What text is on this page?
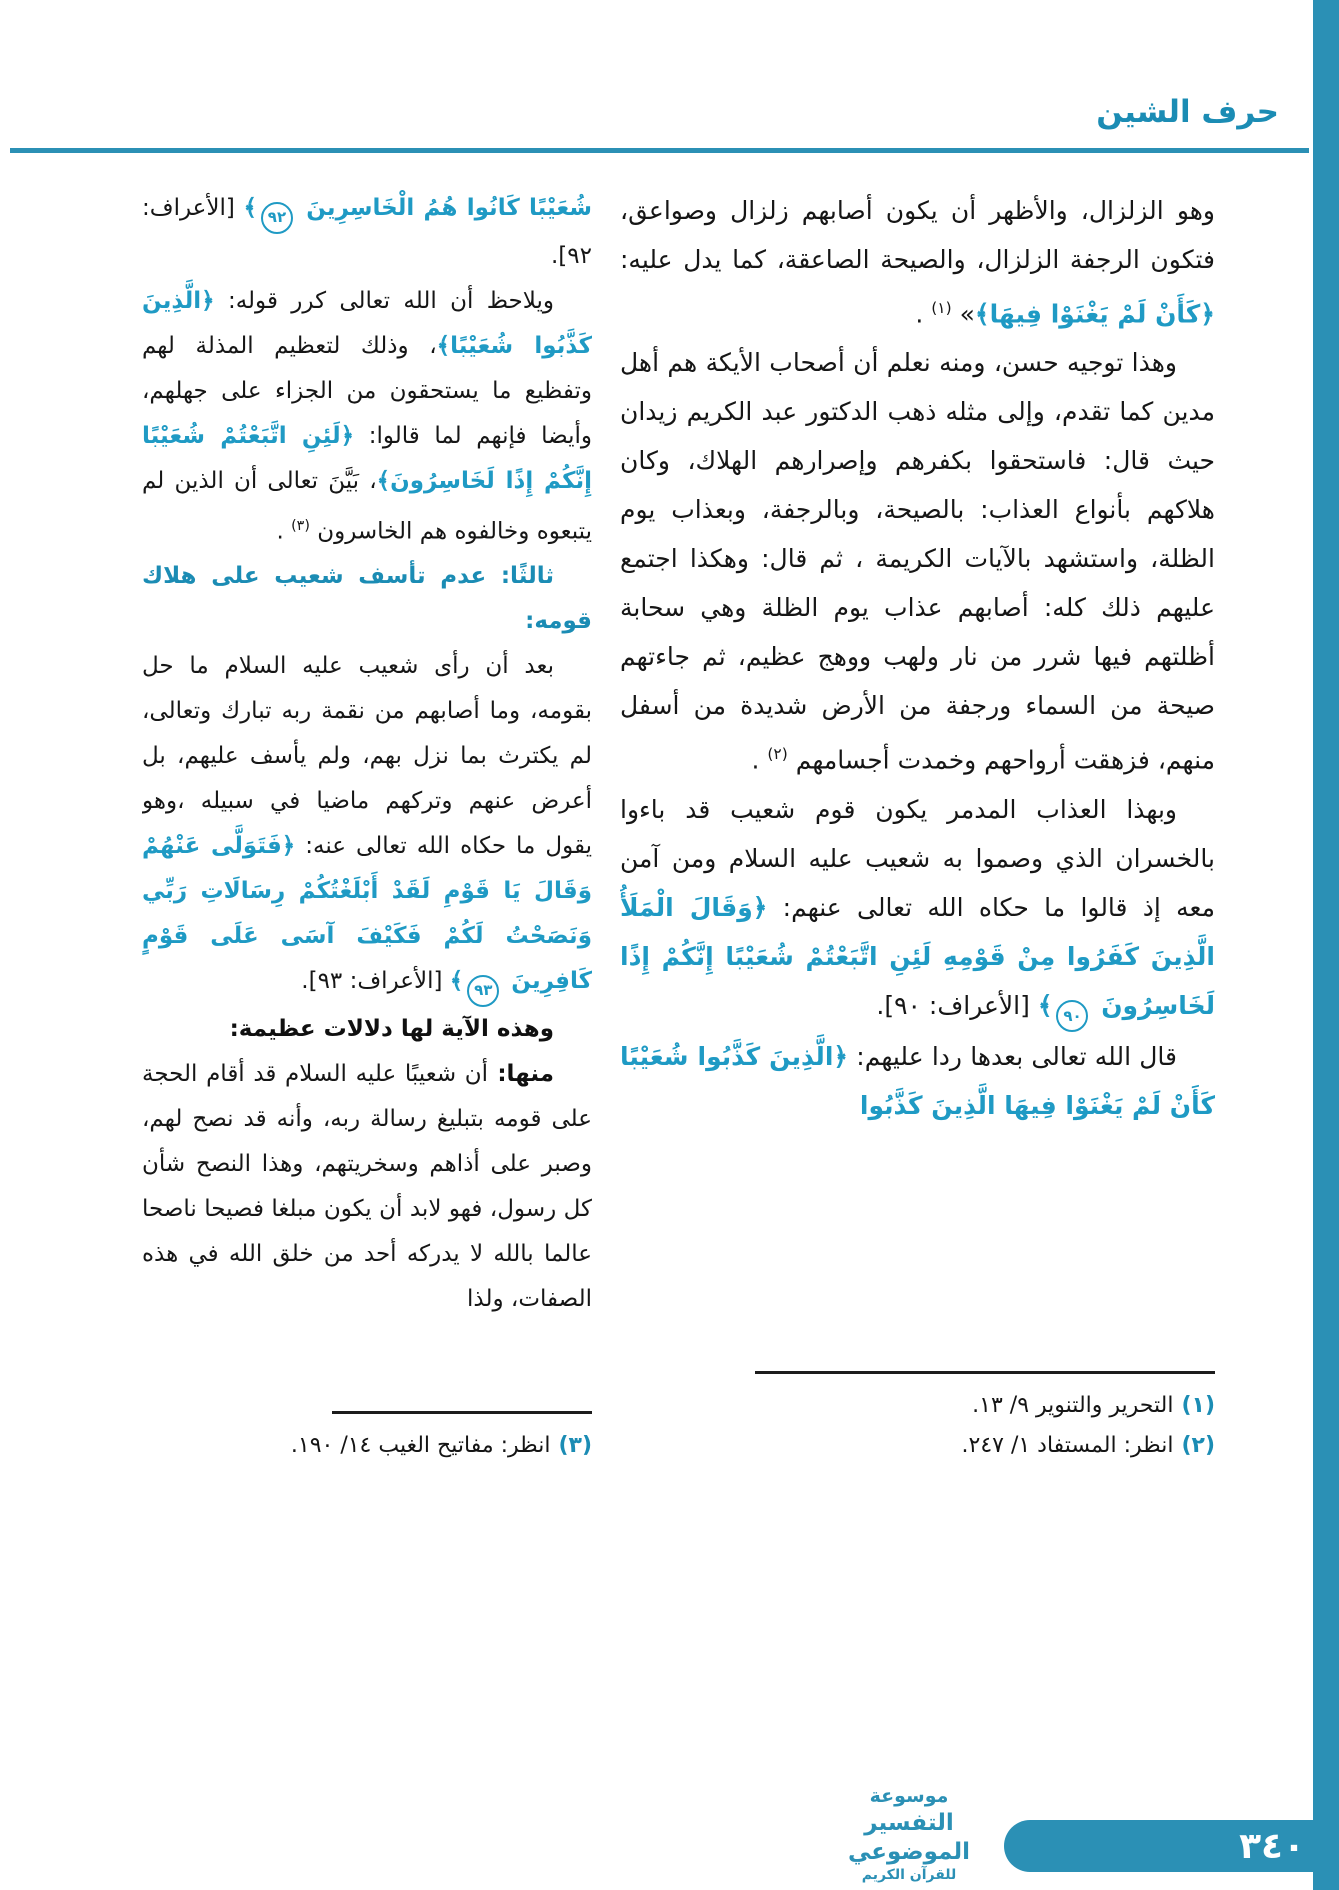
حرف الشين

وهو الزلزال، والأظهر أن يكون أصابهم زلزال وصواعق، فتكون الرجفة الزلزال، والصيحة الصاعقة، كما يدل عليه: ﴿كَأَنْ لَمْ يَغْنَوْا فِيهَا﴾» $^{(١)}$ .

وهذا توجيه حسن، ومنه نعلم أن أصحاب الأيكة هم أهل مدين كما تقدم، وإلى مثله ذهب الدكتور عبد الكريم زيدان حيث قال: فاستحقوا بكفرهم وإصرارهم الهلاك، وكان هلاكهم بأنواع العذاب: بالصيحة، وبالرجفة، وبعذاب يوم الظلة، واستشهد بالآيات الكريمة ، ثم قال: وهكذا اجتمع عليهم ذلك كله: أصابهم عذاب يوم الظلة وهي سحابة أظلتهم فيها شرر من نار ولهب ووهج عظيم، ثم جاءتهم صيحة من السماء ورجفة من الأرض شديدة من أسفل منهم، فزهقت أرواحهم وخمدت أجسامهم $^{(٢)}$ .

وبهذا العذاب المدمر يكون قوم شعيب قد باءوا بالخسران الذي وصموا به شعيب عليه السلام ومن آمن معه إذ قالوا ما حكاه الله تعالى عنهم: ﴿وَقَالَ الْمَلَأُ الَّذِينَ كَفَرُوا مِنْ قَوْمِهِ لَئِنِ اتَّبَعْتُمْ شُعَيْبًا إِنَّكُمْ إِذًا لَخَاسِرُونَ ٩٠﴾ [الأعراف: ٩٠].

قال الله تعالى بعدها ردا عليهم: ﴿الَّذِينَ كَذَّبُوا شُعَيْبًا كَأَنْ لَمْ يَغْنَوْا فِيهَا الَّذِينَ كَذَّبُوا

(١)التحرير والتنوير ٩/ ١٣.
(٢)انظر: المستفاد ١/ ٢٤٧.

شُعَيْبًا كَانُوا هُمُ الْخَاسِرِينَ ٩٢﴾ [الأعراف: ٩٢].

ويلاحظ أن الله تعالى كرر قوله: ﴿الَّذِينَ كَذَّبُوا شُعَيْبًا﴾، وذلك لتعظيم المذلة لهم وتفظيع ما يستحقون من الجزاء على جهلهم، وأيضا فإنهم لما قالوا: ﴿لَئِنِ اتَّبَعْتُمْ شُعَيْبًا إِنَّكُمْ إِذًا لَخَاسِرُونَ﴾، بَيَّنَ تعالى أن الذين لم يتبعوه وخالفوه هم الخاسرون $^{(٣)}$ .

ثالثًا: عدم تأسف شعيب على هلاك قومه:

بعد أن رأى شعيب عليه السلام ما حل بقومه، وما أصابهم من نقمة ربه تبارك وتعالى، لم يكترث بما نزل بهم، ولم يأسف عليهم، بل أعرض عنهم وتركهم ماضيا في سبيله ،وهو يقول ما حكاه الله تعالى عنه: ﴿فَتَوَلَّى عَنْهُمْ وَقَالَ يَا قَوْمِ لَقَدْ أَبْلَغْتُكُمْ رِسَالَاتِ رَبِّي وَنَصَحْتُ لَكُمْ فَكَيْفَ آسَى عَلَى قَوْمٍ كَافِرِينَ ٩٣﴾ [الأعراف: ٩٣].

وهذه الآية لها دلالات عظيمة:

منها: أن شعيبًا عليه السلام قد أقام الحجة على قومه بتبليغ رسالة ربه، وأنه قد نصح لهم، وصبر على أذاهم وسخريتهم، وهذا النصح شأن كل رسول، فهو لابد أن يكون مبلغا فصيحا ناصحا عالما بالله لا يدركه أحد من خلق الله في هذه الصفات، ولذا

(٣)انظر: مفاتيح الغيب ١٤/ ١٩٠.
موسوعة
التفسير الموضوعي
للقرآن الكريم
٣٤٠
